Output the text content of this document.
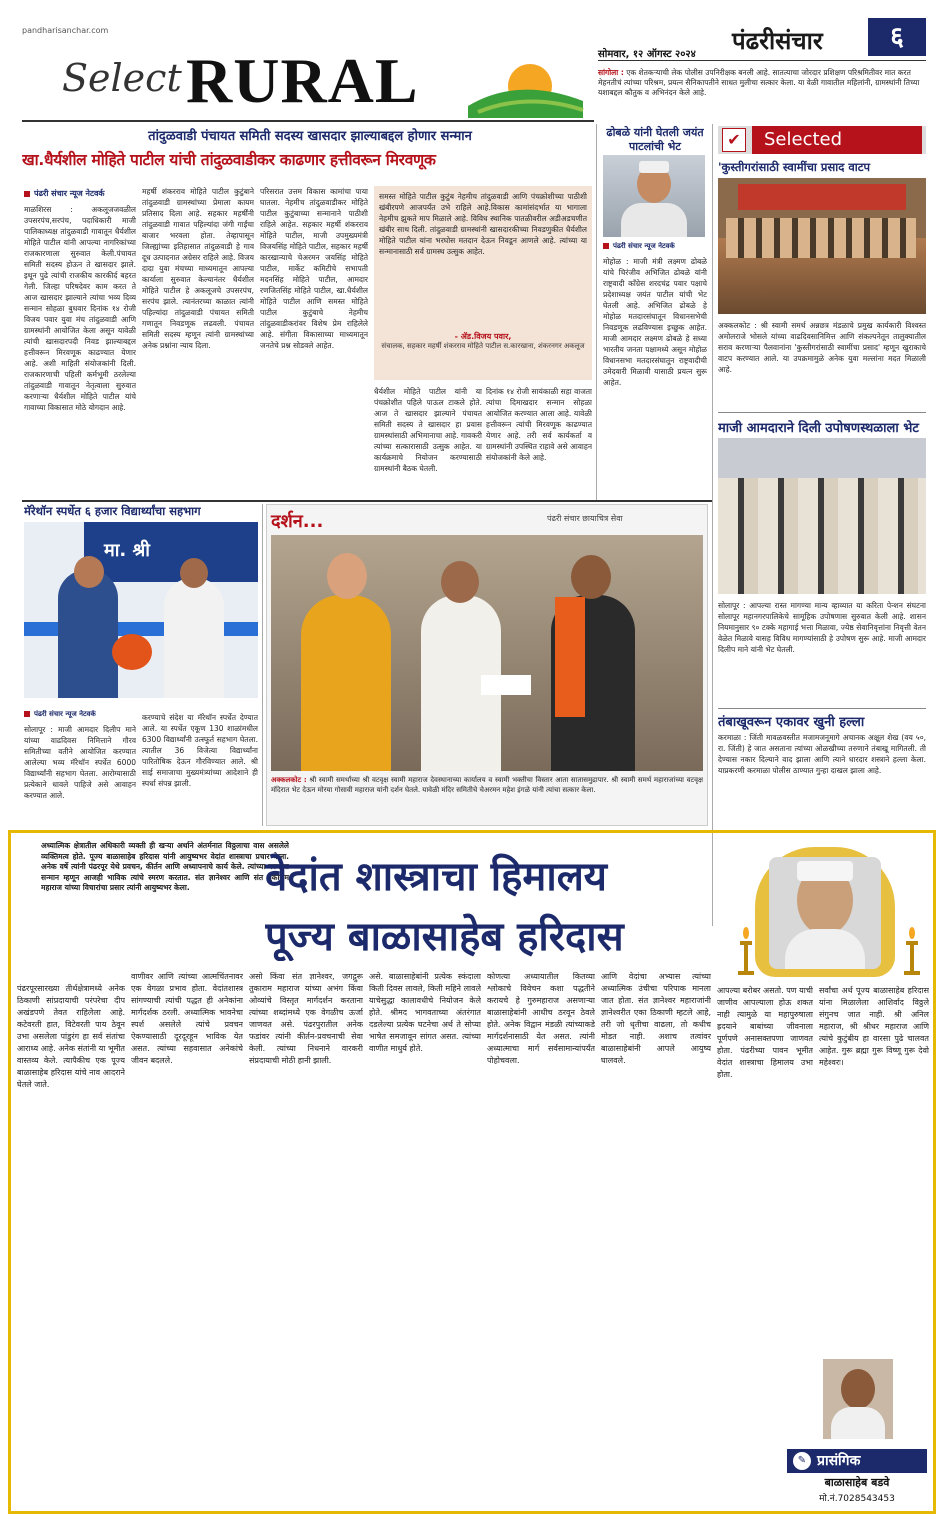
pandharisanchar.com
Select RURAL	सोमवार, १२ ऑगस्ट २०२४ पंढरीसंचार	६
सांगोला : एक शेतकऱ्याची लेक पोलीस उपनिरीक्षक बनली आहे. सातत्याचा जोरदार प्रशिक्षण परिश्रमितीवर मात करत मेहनतीचं त्यांच्या परिश्रम, प्रयत्न सैनिकापतीने साधत मुलीचा सत्कार केला. या वेळी गावातील महिलांनी, ग्रामस्थांनी तिच्या यशाबद्दल कौतुक व अभिनंदन केले आहे.
तांदुळवाडी पंचायत समिती सदस्य खासदार झाल्याबद्दल होणार सन्मान
खा.धैर्यशील मोहिते पाटील यांची तांदुळवाडीकर काढणार हत्तीवरून मिरवणूक
पंढरी संचार न्यूज नेटवर्क
माळशिरस : अकलूजजवळील उपसरपंच,सरपंच, पदाधिकारी माजी पालिकाध्यक्ष तांदुळवाडी गावातून धैर्यशील मोहिते पाटील यांनी आपल्या नागरिकांच्या राजकारणाला सुरुवात केली.पंचायत समिती सदस्य होऊन ते खासदार झाले. इथून पुढे त्यांची राजकीय कारकीर्द बहरत गेली. जिल्हा परिषदेवर काम करत ते आज खासदार झाल्याने त्यांचा भव्य दिव्य सन्मान सोहळा बुधवार दिनांक १४ रोजी विजय पवार युवा मंच तांदुळवाडी आणि ग्रामस्थांनी आयोजित केला असून यावेळी त्यांची खासदारपदी निवड झाल्याबद्दल हत्तीवरून मिरवणूक काढण्यात येणार आहे. अशी माहिती संयोजकांनी दिली. राजकारणाची पहिली कर्मभूमी ठरलेल्या तांदुळवाडी गावातून नेतृत्वाला सुरुवात करणाऱ्या धैर्यशील मोहिते पाटील यांचे गावाच्या विकासात मोठे योगदान आहे.
महर्षी शंकरराव मोहिते पाटील कुटुंबाने तांदुळवाडी ग्रामस्थांच्या प्रेमाला कायम प्रतिसाद दिला आहे. सहकार महर्षींनी तांदुळवाडी गावात पहिल्यांदा जंगी गाईंचा बाजार भरवला होता. तेव्हापासून जिल्ह्यांच्या इतिहासात तांदुळवाडी हे गाव दूध उत्पादनात अग्रेसर राहिले आहे. विजय दादा युवा मंचच्या माध्यमातून आपल्या कार्याला सुरुवात केल्यानंतर धैर्यशील मोहिते पाटील हे अकलूजचे उपसरपंच, सरपंच झाले. त्यानंतरच्या काळात त्यांनी पहिल्यांदा तांदुळवाडी पंचायत समिती गणातून निवडणूक लढवली. पंचायत समिती सदस्य म्हणून त्यांनी ग्रामस्थांच्या अनेक प्रश्नांना न्याय दिला.
परिसरात उत्तम विकास कामांचा पाया घातला. नेहमीच तांदुळवाडीकर मोहिते पाटील कुटुंबाच्या सन्मानाने पाठीशी राहिले आहेत. सहकार महर्षी शंकरराव मोहिते पाटील, माजी उपमुख्यमंत्री विजयसिंह मोहिते पाटील, सहकार महर्षी कारखान्याचे चेअरमन जयसिंह मोहिते पाटील, मार्केट कमिटीचे सभापती मदनसिंह मोहिते पाटील, आमदार रणजितसिंह मोहिते पाटील, खा.धैर्यशील मोहिते पाटील आणि समस्त मोहिते पाटील कुटुंबाचे नेहमीच तांदुळवाडीकरांवर विशेष प्रेम राहिलेले आहे. संगीता विकासाच्या माध्यमातून जनतेचे प्रश्न सोडवले आहेत.
समस्त मोहिते पाटील कुटुंब नेहमीच तांदुळवाडी आणि पंचक्रोशीच्या पाठीशी खंबीरपणे आजपर्यंत उभे राहिले आहे.विकास कामांसंदर्भात या भागाला नेहमीच झुकते माप मिळाले आहे. विविध स्थानिक पातळीवरील अडीअडचणीत खंबीर साथ दिली. तांदुळवाडी ग्रामस्थांनी खासदारकीच्या निवडणुकीत धैर्यशील मोहिते पाटील यांना भरघोस मतदान देऊन निवडून आणले आहे. त्यांच्या या सन्मानासाठी सर्व ग्रामस्थ उत्सुक आहेत.
- ॲड.विजय पवार,
संचालक, सहकार महर्षी शंकरराव मोहिते पाटील स.कारखाना, शंकरनगर अकलूज
धैर्यशील मोहिते पाटील यांनी या पंचक्रोशीत पहिले पाऊल टाकले होते. आज ते खासदार झाल्याने पंचायत समिती सदस्य ते खासदार हा प्रवास ग्रामस्थांसाठी अभिमानाचा आहे. गावकरी त्यांच्या सत्कारासाठी उत्सुक आहेत. या कार्यक्रमाचे नियोजन करण्यासाठी ग्रामस्थांनी बैठक घेतली.
दिनांक १४ रोजी सायंकाळी सहा वाजता त्यांचा दिमाखदार सन्मान सोहळा आयोजित करण्यात आला आहे. यावेळी हत्तीवरून त्यांची मिरवणूक काढण्यात येणार आहे. तरी सर्व कार्यकर्ता व ग्रामस्थांनी उपस्थित राहावे असे आवाहन संयोजकांनी केले आहे.
ढोबळे यांनी घेतली जयंत पाटलांची भेट
पंढरी संचार न्यूज नेटवर्क
मोहोळ : माजी मंत्री लक्ष्मण ढोबळे यांचे चिरंजीव अभिजित ढोबळे यांनी राष्ट्रवादी काँग्रेस शरदचंद्र पवार पक्षाचे प्रदेशाध्यक्ष जयंत पाटील यांची भेट घेतली आहे. अभिजित ढोबळे हे मोहोळ मतदारसंघातून विधानसभेची निवडणूक लढविण्यास इच्छुक आहेत. माजी आमदार लक्ष्मण ढोबळे हे सध्या भारतीय जनता पक्षामध्ये असून मोहोळ विधानसभा मतदारसंघातून राष्ट्रवादीची उमेदवारी मिळावी यासाठी प्रयत्न सुरू आहेत.
✔	Selected
'कुस्तीगरांसाठी स्वामींचा प्रसाद वाटप
अक्कलकोट : श्री स्वामी समर्थ अन्नछत्र मंडळाचे प्रमुख कार्यकारी विश्वस्त अमोलराजे भोसले यांच्या वाढदिवसानिमित्त आणि संकल्पनेतून तालुक्यातील सराव करणाऱ्या पैलवानांना 'कुस्तीगरांसाठी स्वामींचा प्रसाद' म्हणून खुराकाचे वाटप करण्यात आले. या उपक्रमामुळे अनेक युवा मल्लांना मदत मिळाली आहे.
माजी आमदाराने दिली उपोषणस्थळाला भेट
सोलापूर : आपल्या रास्त मागण्या मान्य व्हाव्यात या करिता पेन्शन संघटना सोलापूर महानगरपालिकेचे सामूहिक उपोषणास सुरुवात केली आहे. शासन नियमानुसार ९० टक्के महागाई भत्ता मिळावा, ज्येष्ठ सेवानिवृत्तांना निवृत्ती वेतन वेळेत मिळावे यासह विविध मागण्यांसाठी हे उपोषण सुरू आहे. माजी आमदार दिलीप माने यांनी भेट घेतली.
तंबाखूवरून एकावर खुनी हल्ला
करमाळा : जिंती मावळवस्तीत मजामजनूमागे अचानक अक्षूल शेख (वय ५०, रा. जिंती) हे जात असताना त्यांच्या ओळखीच्या तरुणाने तंबाखू मागितली. ती देण्यास नकार दिल्याने वाद झाला आणि त्याने धारदार शस्त्राने हल्ला केला. याप्रकरणी करमाळा पोलीस ठाण्यात गुन्हा दाखल झाला आहे.
मॅरेथॉन स्पर्धेत ६ हजार विद्यार्थ्यांचा सहभाग
मा. श्री
पंढरी संचार न्यूज नेटवर्क
सोलापूर : माजी आमदार दिलीप माने यांच्या वाढदिवस निमित्ताने गौरव समितीच्या वतीने आयोजित करण्यात आलेल्या भव्य मॅरेथॉन स्पर्धेत 6000 विद्यार्थ्यांनी सहभाग घेतला. आरोग्यासाठी प्रत्येकाने धावले पाहिजे असे आवाहन करण्यात आले.
करण्याचे संदेश या मॅरेथॉन स्पर्धेत देण्यात आले. या स्पर्धेत एकूण 130 शाळांमधील 6300 विद्यार्थ्यांनी उत्स्फूर्त सहभाग घेतला. त्यातील 36 विजेत्या विद्यार्थ्यांना पारितोषिक देऊन गौरविण्यात आले. श्री साई समाजाचा मुख्यमंत्र्यांच्या आदेशाने ही स्पर्धा संपन्न झाली.
दर्शन...	पंढरी संचार छायाचित्र सेवा
अक्कलकोट : श्री स्वामी समर्थांच्या श्री वटवृक्ष स्वामी महाराज देवस्थानाच्या कार्यालय व स्वामी भक्तीचा विस्तार आता सातासमुद्रापार. श्री स्वामी समर्थ महाराजांच्या वटवृक्ष मंदिरात भेट देऊन मोरया गोसावी महाराज यांनी दर्शन घेतले. यावेळी मंदिर समितीचे चेअरमन महेश इंगळे यांनी त्यांचा सत्कार केला.
अध्यात्मिक क्षेत्रातील अधिकारी व्यक्ती ही खऱ्या अर्थाने अंतर्मनात विठ्ठलाचा वास असलेले व्यक्तिमत्व होते. पूज्य बाळासाहेब हरिदास यांनी आयुष्यभर वेदांत शास्त्राचा प्रचार केला. अनेक वर्षे त्यांनी पंढरपूर येथे प्रवचन, कीर्तन आणि अध्यापनाचे कार्य केले. त्यांच्या कार्याचा सन्मान म्हणून आजही भाविक त्यांचे स्मरण करतात. संत ज्ञानेश्वर आणि संत तुकाराम महाराज यांच्या विचारांचा प्रसार त्यांनी आयुष्यभर केला.	वेदांत शास्त्राचा हिमालय
पूज्य बाळासाहेब हरिदास
पंढरपूरसारख्या तीर्थक्षेत्रामध्ये अनेक ठिकाणी सांप्रदायाची परंपरेचा दीप अखंडपणे तेवत राहिलेला आहे. कटेवरती हात, विटेवरती पाय ठेवून उभा असलेला पांडुरंग हा सर्व संतांचा आराध्य आहे. अनेक संतांनी या भूमीत वास्तव्य केले. त्यापैकीच एक पूज्य बाळासाहेब हरिदास यांचे नाव आदराने घेतले जाते.
वाणीवर आणि त्यांच्या आत्मचिंतनावर एक वेगळा प्रभाव होता. वेदांतशास्त्र सांगण्याची त्यांची पद्धत ही अनेकांना मार्गदर्शक ठरली. अध्यात्मिक भावनेचा स्पर्श असलेले त्यांचे प्रवचन ऐकण्यासाठी दूरदूरहून भाविक येत असत. त्यांच्या सहवासात अनेकांचे जीवन बदलले.
असो किंवा संत ज्ञानेश्वर, जगद्गुरू तुकाराम महाराज यांच्या अभंग किंवा ओव्यांचे विस्तृत मार्गदर्शन करताना त्यांच्या शब्दांमध्ये एक वेगळीच ऊर्जा जाणवत असे. पंढरपुरातील अनेक फडांवर त्यांनी कीर्तन-प्रवचनाची सेवा केली. त्यांच्या निधनाने वारकरी संप्रदायाची मोठी हानी झाली.
असे. बाळासाहेबांनी प्रत्येक स्कंदाला किती दिवस लावले, किती महिने लावले याचेसुद्धा कालावधीचे नियोजन केले होते. श्रीमद भागवताच्या अंतरंगात दडलेल्या प्रत्येक घटनेचा अर्थ ते सोप्या भाषेत समजावून सांगत असत. त्यांच्या वाणीत माधुर्य होते.
कोणत्या अध्यायातील कितव्या श्लोकाचे विवेचन कशा पद्धतीने करायचे हे गुरुमहाराज असणाऱ्या बाळासाहेबांनी आधीच ठरवून ठेवले होते. अनेक विद्वान मंडळी त्यांच्याकडे मार्गदर्शनासाठी येत असत. त्यांनी अध्यात्माचा मार्ग सर्वसामान्यांपर्यंत पोहोचवला.
आणि वेदांचा अभ्यास त्यांच्या अध्यात्मिक उंचीचा परिपाक मानला जात होता. संत ज्ञानेश्वर महाराजांनी ज्ञानेश्वरीत एका ठिकाणी म्हटले आहे, तरी जो धृतीचा वाढला, तो कधीच मोडत नाही. अशाच तत्वांवर बाळासाहेबांनी आपले आयुष्य घालवले.
आपल्या बरोबर असतो. पण याची जाणीव आपल्याला होऊ शकत नाही त्यामुळे या महापुरुषाला ह्रदयाने बाबांच्या जीवनाला पूर्णपणे अनासक्तपणा जाणवत होता. पंढरीच्या पावन भूमीत वेदांत शास्त्राचा हिमालय उभा होता.
सर्वांचा अर्थ पूज्य बाळासाहेब हरिदास यांना मिळालेला आशिर्वाद विठ्ठले संगुनच जात नाही. श्री अनिल महाराज, श्री श्रीधर महाराज आणि त्यांचे कुटुंबीय हा वारसा पुढे चालवत आहेत. गुरू ब्रह्मा गुरू विष्णू गुरू देवो महेश्वरः।
प्रासंगिक
✎
बाळासाहेब बडवे
मो.नं.7028543453
